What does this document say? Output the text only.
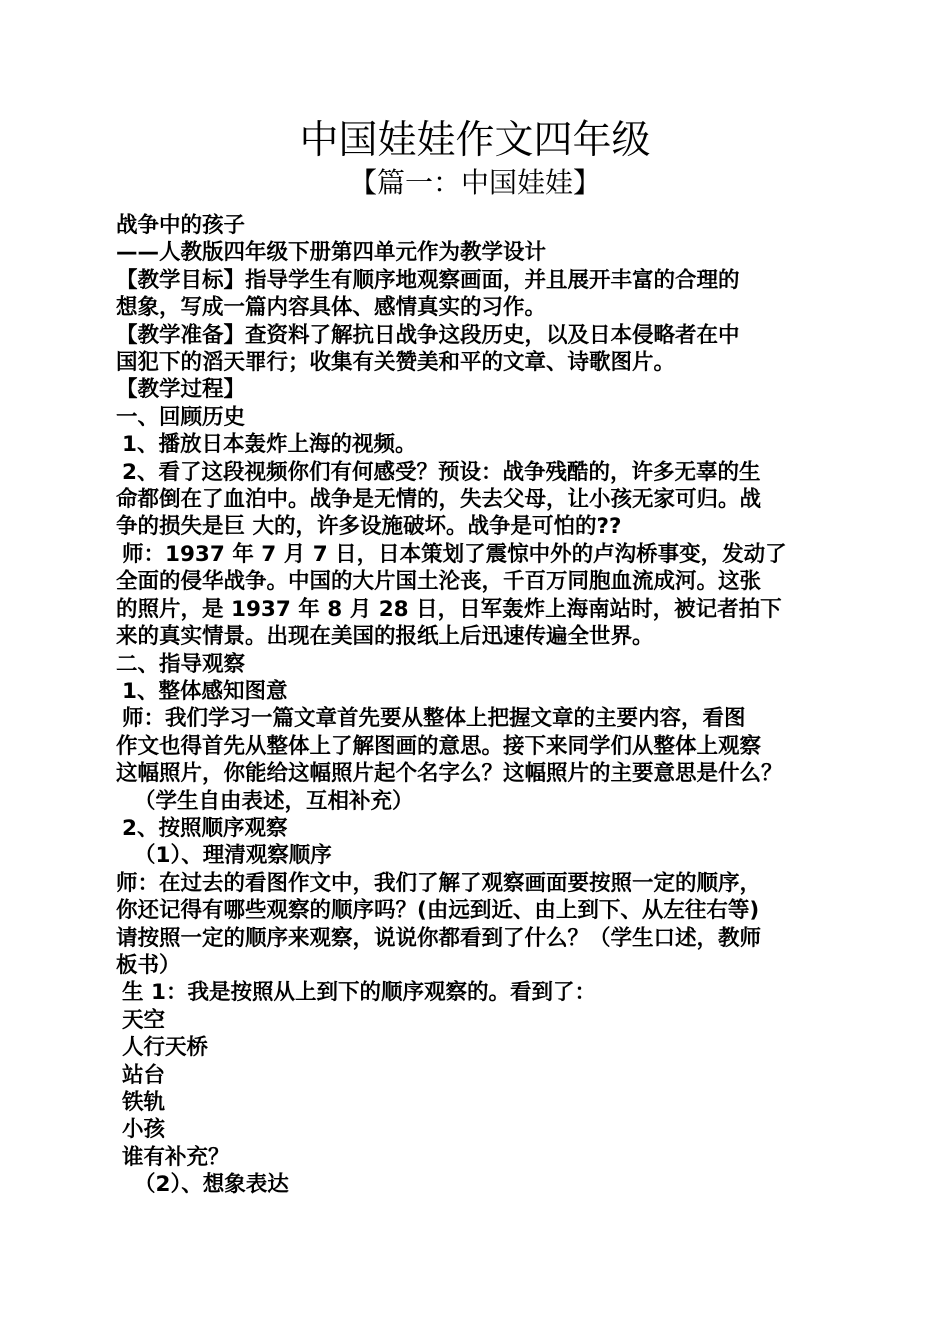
中国娃娃作文四年级
【篇一：中国娃娃】

战争中的孩子

——人教版四年级下册第四单元作为教学设计

【教学目标】指导学生有顺序地观察画面，并且展开丰富的合理的

想象，写成一篇内容具体、感情真实的习作。

【教学准备】查资料了解抗日战争这段历史，以及日本侵略者在中

国犯下的滔天罪行；收集有关赞美和平的文章、诗歌图片。

【教学过程】

一、回顾历史

1、播放日本轰炸上海的视频。

2、看了这段视频你们有何感受？预设：战争残酷的，许多无辜的生

命都倒在了血泊中。战争是无情的，失去父母，让小孩无家可归。战

争的损失是巨 大的，许多设施破坏。战争是可怕的??

师：1937 年 7 月 7 日，日本策划了震惊中外的卢沟桥事变，发动了

全面的侵华战争。中国的大片国土沦丧，千百万同胞血流成河。这张

的照片，是 1937 年 8 月 28 日，日军轰炸上海南站时，被记者拍下

来的真实情景。出现在美国的报纸上后迅速传遍全世界。

二、指导观察

1、整体感知图意

师：我们学习一篇文章首先要从整体上把握文章的主要内容，看图

作文也得首先从整体上了解图画的意思。接下来同学们从整体上观察

这幅照片，你能给这幅照片起个名字么？这幅照片的主要意思是什么？

（学生自由表述，互相补充）

2、按照顺序观察

（1）、理清观察顺序

师：在过去的看图作文中，我们了解了观察画面要按照一定的顺序，

你还记得有哪些观察的顺序吗？(由远到近、由上到下、从左往右等)

请按照一定的顺序来观察，说说你都看到了什么？（学生口述，教师

板书）

生 1：我是按照从上到下的顺序观察的。看到了：

天空

人行天桥

站台

铁轨

小孩

谁有补充？

（2）、想象表达
